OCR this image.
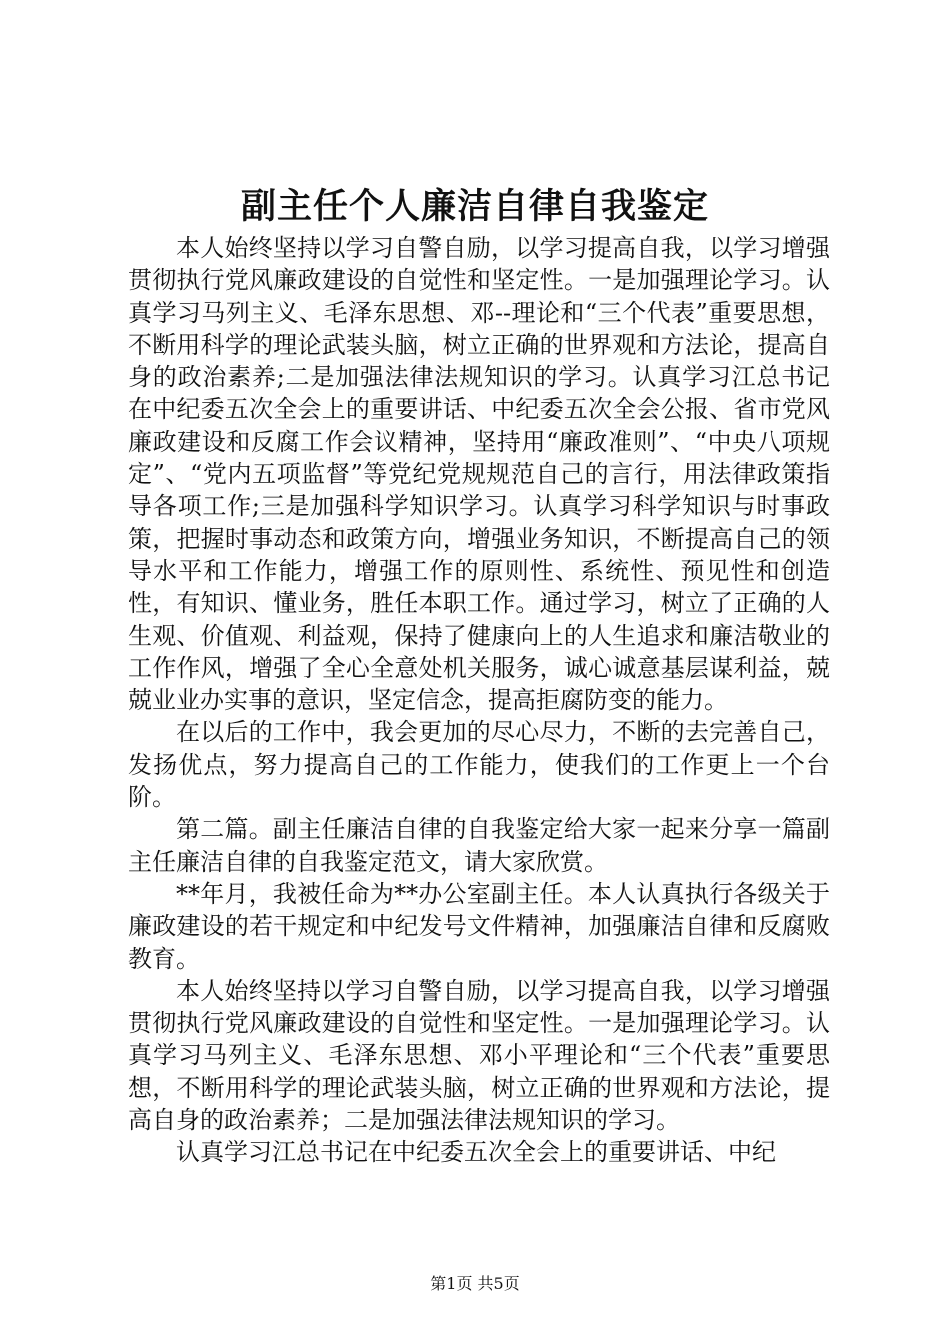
副主任个人廉洁自律自我鉴定

本人始终坚持以学习自警自励，以学习提高自我，以学习增强贯彻执行党风廉政建设的自觉性和坚定性。一是加强理论学习。认真学习马列主义、毛泽东思想、邓--理论和“三个代表”重要思想，不断用科学的理论武装头脑，树立正确的世界观和方法论，提高自身的政治素养;二是加强法律法规知识的学习。认真学习江总书记在中纪委五次全会上的重要讲话、中纪委五次全会公报、省市党风廉政建设和反腐工作会议精神，坚持用“廉政准则”、“中央八项规定”、“党内五项监督”等党纪党规规范自己的言行，用法律政策指导各项工作;三是加强科学知识学习。认真学习科学知识与时事政策，把握时事动态和政策方向，增强业务知识，不断提高自己的领导水平和工作能力，增强工作的原则性、系统性、预见性和创造性，有知识、懂业务，胜任本职工作。通过学习，树立了正确的人生观、价值观、利益观，保持了健康向上的人生追求和廉洁敬业的工作作风，增强了全心全意处机关服务，诚心诚意基层谋利益，兢兢业业办实事的意识，坚定信念，提高拒腐防变的能力。

在以后的工作中，我会更加的尽心尽力，不断的去完善自己，发扬优点，努力提高自己的工作能力，使我们的工作更上一个台阶。

第二篇。副主任廉洁自律的自我鉴定给大家一起来分享一篇副主任廉洁自律的自我鉴定范文，请大家欣赏。

**年月，我被任命为**办公室副主任。本人认真执行各级关于廉政建设的若干规定和中纪发号文件精神，加强廉洁自律和反腐败教育。

本人始终坚持以学习自警自励，以学习提高自我，以学习增强贯彻执行党风廉政建设的自觉性和坚定性。一是加强理论学习。认真学习马列主义、毛泽东思想、邓小平理论和“三个代表”重要思想，不断用科学的理论武装头脑，树立正确的世界观和方法论，提高自身的政治素养；二是加强法律法规知识的学习。

认真学习江总书记在中纪委五次全会上的重要讲话、中纪

第1页 共5页
